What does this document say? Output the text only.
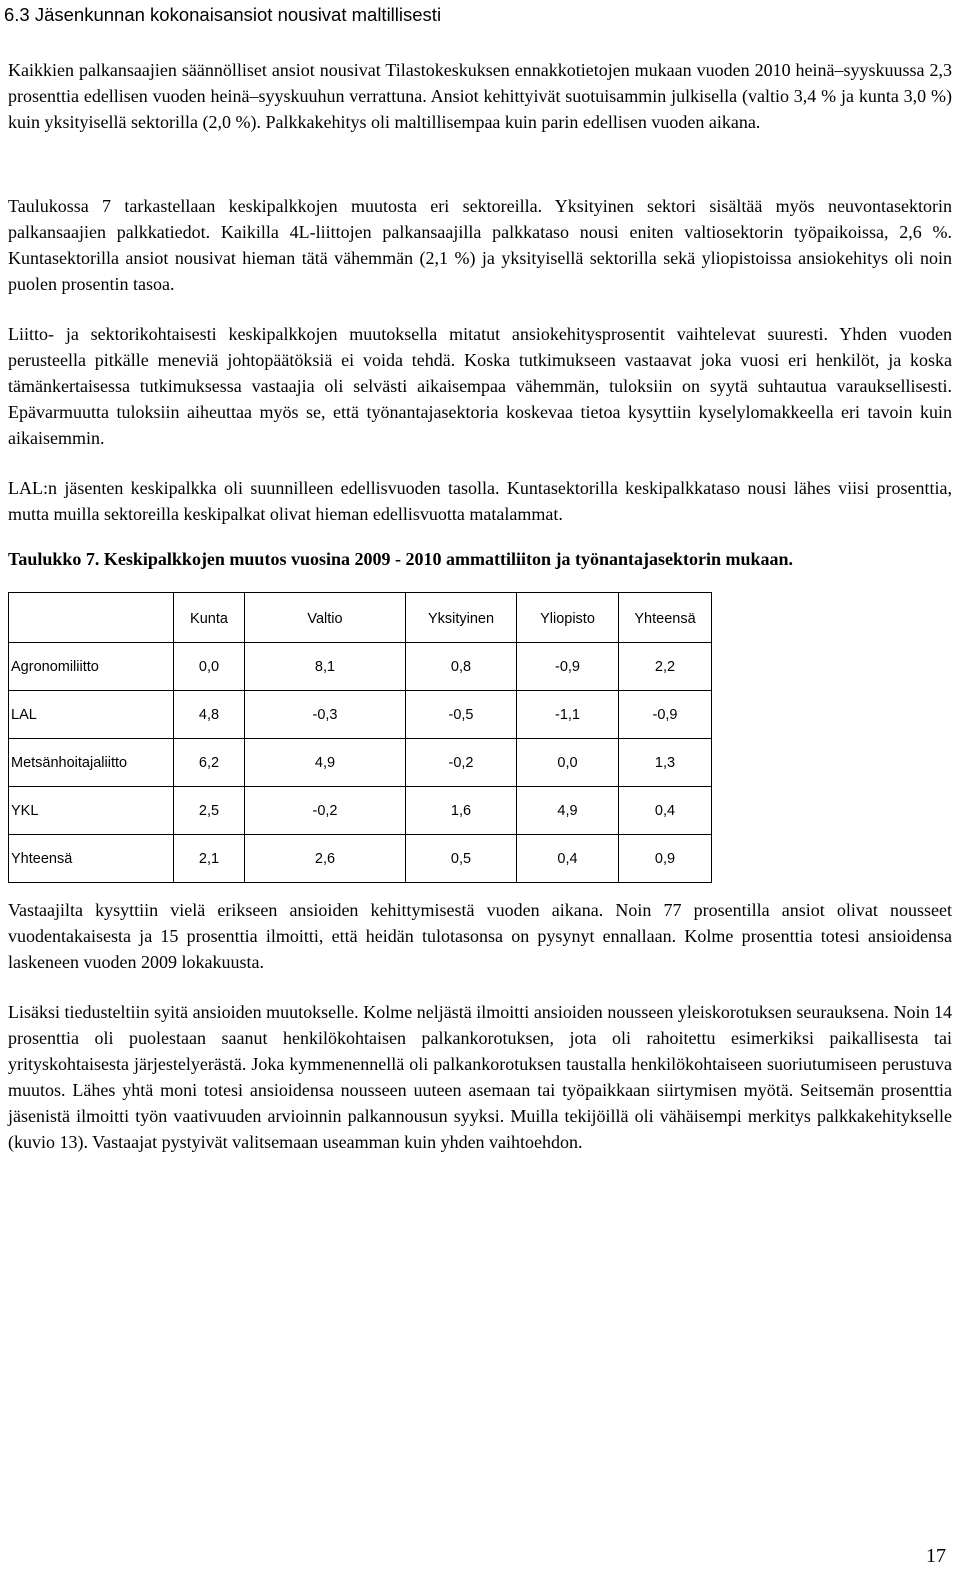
6.3 Jäsenkunnan kokonaisansiot nousivat maltillisesti

Kaikkien palkansaajien säännölliset ansiot nousivat Tilastokeskuksen ennakkotietojen mukaan vuoden 2010 heinä–syyskuussa 2,3 prosenttia edellisen vuoden heinä–syyskuuhun verrattuna. Ansiot kehittyivät suotuisammin julkisella (valtio 3,4 % ja kunta 3,0 %) kuin yksityisellä sektorilla (2,0 %). Palkkakehitys oli maltillisempaa kuin parin edellisen vuoden aikana.

Taulukossa 7 tarkastellaan keskipalkkojen muutosta eri sektoreilla. Yksityinen sektori sisältää myös neuvontasektorin palkansaajien palkkatiedot. Kaikilla 4L-liittojen palkansaajilla palkkataso nousi eniten valtiosektorin työpaikoissa, 2,6 %. Kuntasektorilla ansiot nousivat hieman tätä vähemmän (2,1 %) ja yksityisellä sektorilla sekä yliopistoissa ansiokehitys oli noin puolen prosentin tasoa.

Liitto- ja sektorikohtaisesti keskipalkkojen muutoksella mitatut ansiokehitysprosentit vaihtelevat suuresti. Yhden vuoden perusteella pitkälle meneviä johtopäätöksiä ei voida tehdä. Koska tutkimukseen vastaavat joka vuosi eri henkilöt, ja koska tämänkertaisessa tutkimuksessa vastaajia oli selvästi aikaisempaa vähemmän, tuloksiin on syytä suhtautua varauksellisesti. Epävarmuutta tuloksiin aiheuttaa myös se, että työnantajasektoria koskevaa tietoa kysyttiin kyselylomakkeella eri tavoin kuin aikaisemmin.

LAL:n jäsenten keskipalkka oli suunnilleen edellisvuoden tasolla. Kuntasektorilla keskipalkkataso nousi lähes viisi prosenttia, mutta muilla sektoreilla keskipalkat olivat hieman edellisvuotta matalammat.

Taulukko 7. Keskipalkkojen muutos vuosina 2009 - 2010 ammattiliiton ja työnantajasektorin mukaan.
	Kunta	Valtio	Yksityinen	Yliopisto	Yhteensä
Agronomiliitto	0,0	8,1	0,8	-0,9	2,2
LAL	4,8	-0,3	-0,5	-1,1	-0,9
Metsänhoitajaliitto	6,2	4,9	-0,2	0,0	1,3
YKL	2,5	-0,2	1,6	4,9	0,4
Yhteensä	2,1	2,6	0,5	0,4	0,9

Vastaajilta kysyttiin vielä erikseen ansioiden kehittymisestä vuoden aikana. Noin 77 prosentilla ansiot olivat nousseet vuodentakaisesta ja 15 prosenttia ilmoitti, että heidän tulotasonsa on pysynyt ennallaan. Kolme prosenttia totesi ansioidensa laskeneen vuoden 2009 lokakuusta.

Lisäksi tiedusteltiin syitä ansioiden muutokselle. Kolme neljästä ilmoitti ansioiden nousseen yleiskorotuksen seurauksena. Noin 14 prosenttia oli puolestaan saanut henkilökohtaisen palkankorotuksen, jota oli rahoitettu esimerkiksi paikallisesta tai yrityskohtaisesta järjestelyerästä. Joka kymmenennellä oli palkankorotuksen taustalla henkilökohtaiseen suoriutumiseen perustuva muutos. Lähes yhtä moni totesi ansioidensa nousseen uuteen asemaan tai työpaikkaan siirtymisen myötä. Seitsemän prosenttia jäsenistä ilmoitti työn vaativuuden arvioinnin palkannousun syyksi. Muilla tekijöillä oli vähäisempi merkitys palkkakehitykselle (kuvio 13). Vastaajat pystyivät valitsemaan useamman kuin yhden vaihtoehdon.

17
